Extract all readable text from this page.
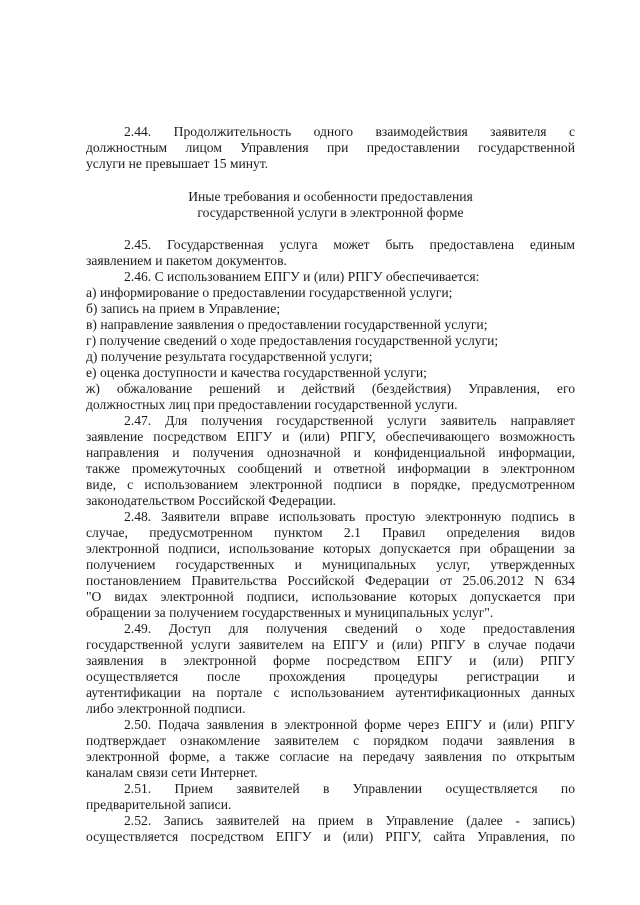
2.44. Продолжительность одного взаимодействия заявителя с
должностным лицом Управления при предоставлении государственной
услуги не превышает 15 минут.
Иные требования и особенности предоставления
государственной услуги в электронной форме
2.45. Государственная услуга может быть предоставлена единым
заявлением и пакетом документов.
2.46. С использованием ЕПГУ и (или) РПГУ обеспечивается:
а) информирование о предоставлении государственной услуги;
б) запись на прием в Управление;
в) направление заявления о предоставлении государственной услуги;
г) получение сведений о ходе предоставления государственной услуги;
д) получение результата государственной услуги;
е) оценка доступности и качества государственной услуги;
ж) обжалование решений и действий (бездействия) Управления, его
должностных лиц при предоставлении государственной услуги.
2.47. Для получения государственной услуги заявитель направляет
заявление посредством ЕПГУ и (или) РПГУ, обеспечивающего возможность
направления и получения однозначной и конфиденциальной информации,
также промежуточных сообщений и ответной информации в электронном
виде, с использованием электронной подписи в порядке, предусмотренном
законодательством Российской Федерации.
2.48. Заявители вправе использовать простую электронную подпись в
случае, предусмотренном пунктом 2.1 Правил определения видов
электронной подписи, использование которых допускается при обращении за
получением государственных и муниципальных услуг, утвержденных
постановлением Правительства Российской Федерации от 25.06.2012 N 634
"О видах электронной подписи, использование которых допускается при
обращении за получением государственных и муниципальных услуг".
2.49. Доступ для получения сведений о ходе предоставления
государственной услуги заявителем на ЕПГУ и (или) РПГУ в случае подачи
заявления в электронной форме посредством ЕПГУ и (или) РПГУ
осуществляется после прохождения процедуры регистрации и
аутентификации на портале с использованием аутентификационных данных
либо электронной подписи.
2.50. Подача заявления в электронной форме через ЕПГУ и (или) РПГУ
подтверждает ознакомление заявителем с порядком подачи заявления в
электронной форме, а также согласие на передачу заявления по открытым
каналам связи сети Интернет.
2.51. Прием заявителей в Управлении осуществляется по
предварительной записи.
2.52. Запись заявителей на прием в Управление (далее - запись)
осуществляется посредством ЕПГУ и (или) РПГУ, сайта Управления, по
